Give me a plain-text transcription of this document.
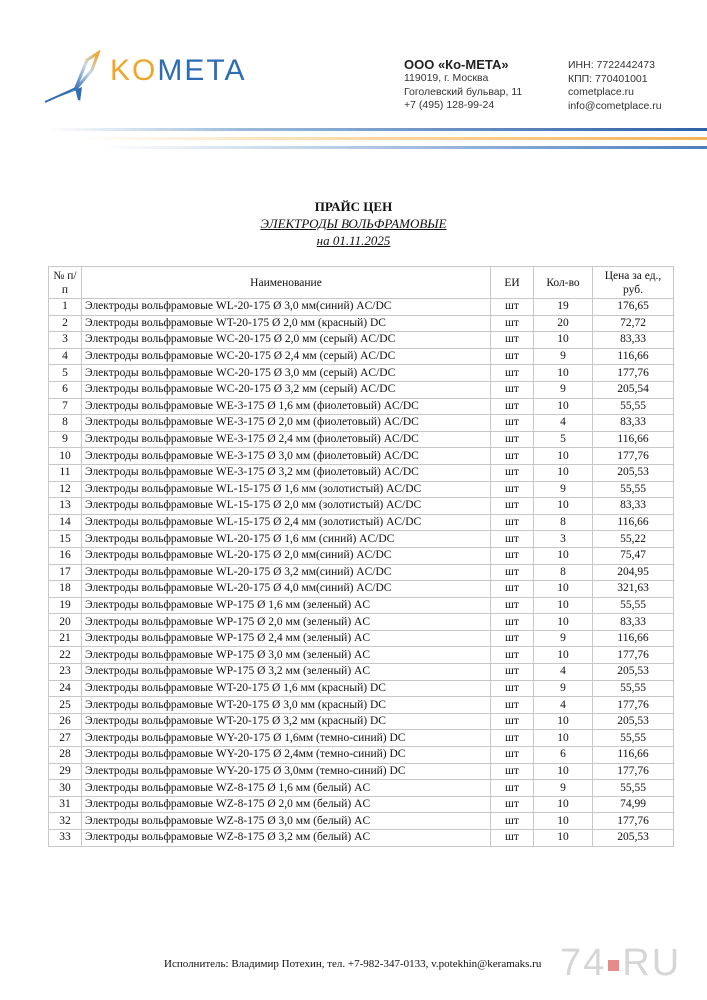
KOMETA	ООО «Ко-МЕТА»
119019, г. Москва
Гоголевский бульвар, 11
+7 (495) 128-99-24
ИНН: 7722442473
КПП: 770401001
cometplace.ru
info@cometplace.ru
ПРАЙС ЦЕН
ЭЛЕКТРОДЫ ВОЛЬФРАМОВЫЕ
на 01.11.2025
№ п/п	Наименование	ЕИ	Кол-во	Цена за ед., руб.
1	Электроды вольфрамовые WL-20-175 Ø 3,0 мм(синий) AC/DC	шт	19	176,65
2	Электроды вольфрамовые WT-20-175 Ø 2,0 мм (красный) DC	шт	20	72,72
3	Электроды вольфрамовые WC-20-175 Ø 2,0 мм (серый) AC/DC	шт	10	83,33
4	Электроды вольфрамовые WC-20-175 Ø 2,4 мм (серый) AC/DC	шт	9	116,66
5	Электроды вольфрамовые WC-20-175 Ø 3,0 мм (серый) AC/DC	шт	10	177,76
6	Электроды вольфрамовые WC-20-175 Ø 3,2 мм (серый) AC/DC	шт	9	205,54
7	Электроды вольфрамовые WE-3-175 Ø 1,6 мм (фиолетовый) AC/DC	шт	10	55,55
8	Электроды вольфрамовые WE-3-175 Ø 2,0 мм (фиолетовый) AC/DC	шт	4	83,33
9	Электроды вольфрамовые WE-3-175 Ø 2,4 мм (фиолетовый) AC/DC	шт	5	116,66
10	Электроды вольфрамовые WE-3-175 Ø 3,0 мм (фиолетовый) AC/DC	шт	10	177,76
11	Электроды вольфрамовые WE-3-175 Ø 3,2 мм (фиолетовый) AC/DC	шт	10	205,53
12	Электроды вольфрамовые WL-15-175 Ø 1,6 мм (золотистый) AC/DC	шт	9	55,55
13	Электроды вольфрамовые WL-15-175 Ø 2,0 мм (золотистый) AC/DC	шт	10	83,33
14	Электроды вольфрамовые WL-15-175 Ø 2,4 мм (золотистый) AC/DC	шт	8	116,66
15	Электроды вольфрамовые WL-20-175 Ø 1,6 мм (синий) AC/DC	шт	3	55,22
16	Электроды вольфрамовые WL-20-175 Ø 2,0 мм(синий) AC/DC	шт	10	75,47
17	Электроды вольфрамовые WL-20-175 Ø 3,2 мм(синий) AC/DC	шт	8	204,95
18	Электроды вольфрамовые WL-20-175 Ø 4,0 мм(синий) AC/DC	шт	10	321,63
19	Электроды вольфрамовые WP-175 Ø 1,6 мм (зеленый) AC	шт	10	55,55
20	Электроды вольфрамовые WP-175 Ø 2,0 мм (зеленый) AC	шт	10	83,33
21	Электроды вольфрамовые WP-175 Ø 2,4 мм (зеленый) AC	шт	9	116,66
22	Электроды вольфрамовые WP-175 Ø 3,0 мм (зеленый) AC	шт	10	177,76
23	Электроды вольфрамовые WP-175 Ø 3,2 мм (зеленый) AC	шт	4	205,53
24	Электроды вольфрамовые WT-20-175 Ø 1,6 мм (красный) DC	шт	9	55,55
25	Электроды вольфрамовые WT-20-175 Ø 3,0 мм (красный) DC	шт	4	177,76
26	Электроды вольфрамовые WT-20-175 Ø 3,2 мм (красный) DC	шт	10	205,53
27	Электроды вольфрамовые WY-20-175 Ø 1,6мм (темно-синий) DC	шт	10	55,55
28	Электроды вольфрамовые WY-20-175 Ø 2,4мм (темно-синий) DC	шт	6	116,66
29	Электроды вольфрамовые WY-20-175 Ø 3,0мм (темно-синий) DC	шт	10	177,76
30	Электроды вольфрамовые WZ-8-175 Ø 1,6 мм (белый) AC	шт	9	55,55
31	Электроды вольфрамовые WZ-8-175 Ø 2,0 мм (белый) AC	шт	10	74,99
32	Электроды вольфрамовые WZ-8-175 Ø 3,0 мм (белый) AC	шт	10	177,76
33	Электроды вольфрамовые WZ-8-175 Ø 3,2 мм (белый) AC	шт	10	205,53
Исполнитель: Владимир Потехин, тел. +7-982-347-0133, v.potekhin@keramaks.ru 74 RU
